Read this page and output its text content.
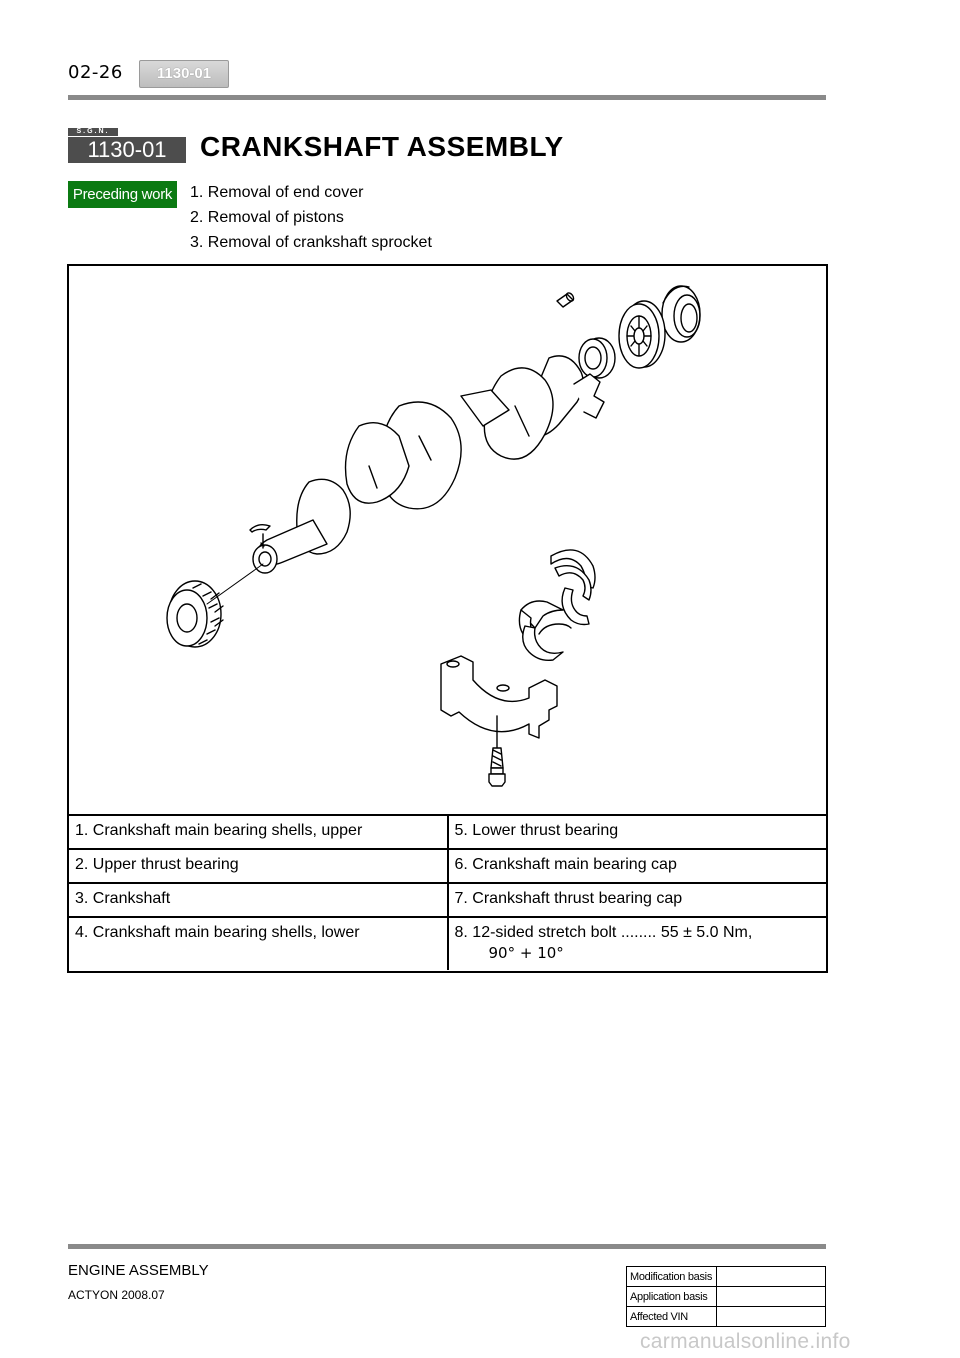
02-26	1130-01
S.G.N.
1130-01	CRANKSHAFT ASSEMBLY
Preceding work	1. Removal of end cover
2. Removal of pistons
3. Removal of crankshaft sprocket
1. Crankshaft main bearing shells, upper	5. Lower thrust bearing
2. Upper thrust bearing	6. Crankshaft main bearing cap
3. Crankshaft	7. Crankshaft thrust bearing cap
4. Crankshaft main bearing shells, lower	8. 12-sided stretch bolt ........ 55 ± 5.0 Nm,
90° + 10°
ENGINE ASSEMBLY
ACTYON 2008.07
Modification basis	
Application basis	
Affected VIN	
carmanualsonline.info
